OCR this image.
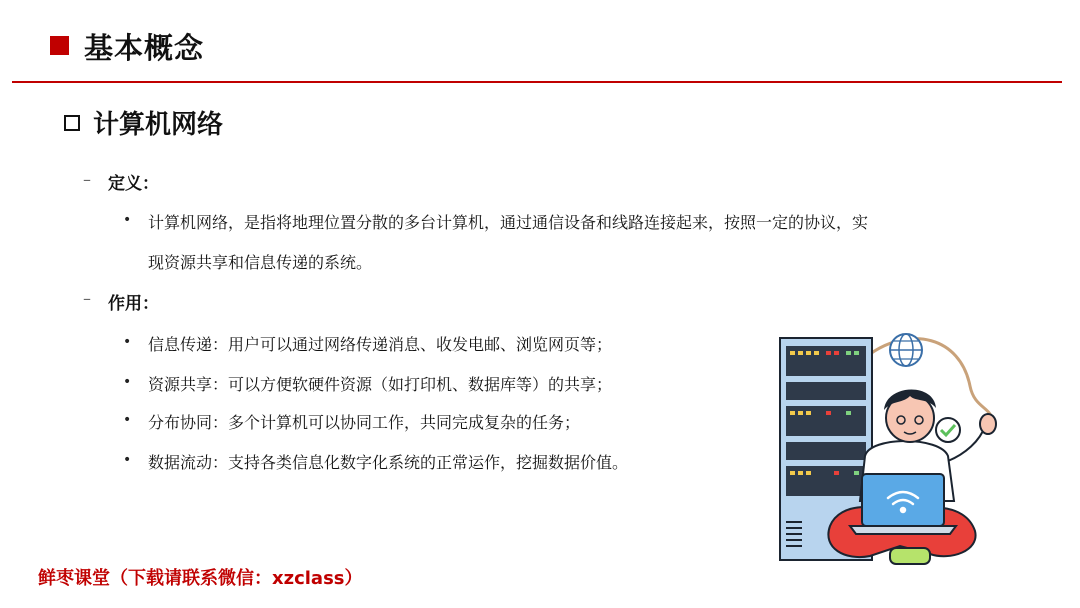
基本概念
计算机网络
– 定义：
• 计算机网络，是指将地理位置分散的多台计算机，通过通信设备和线路连接起来，按照一定的协议，实
现资源共享和信息传递的系统。
– 作用：
• 信息传递：用户可以通过网络传递消息、收发电邮、浏览网页等；
• 资源共享：可以方便软硬件资源（如打印机、数据库等）的共享；
• 分布协同：多个计算机可以协同工作，共同完成复杂的任务；
• 数据流动：支持各类信息化数字化系统的正常运作，挖掘数据价值。
鲜枣课堂（下载请联系微信：xzclass）
